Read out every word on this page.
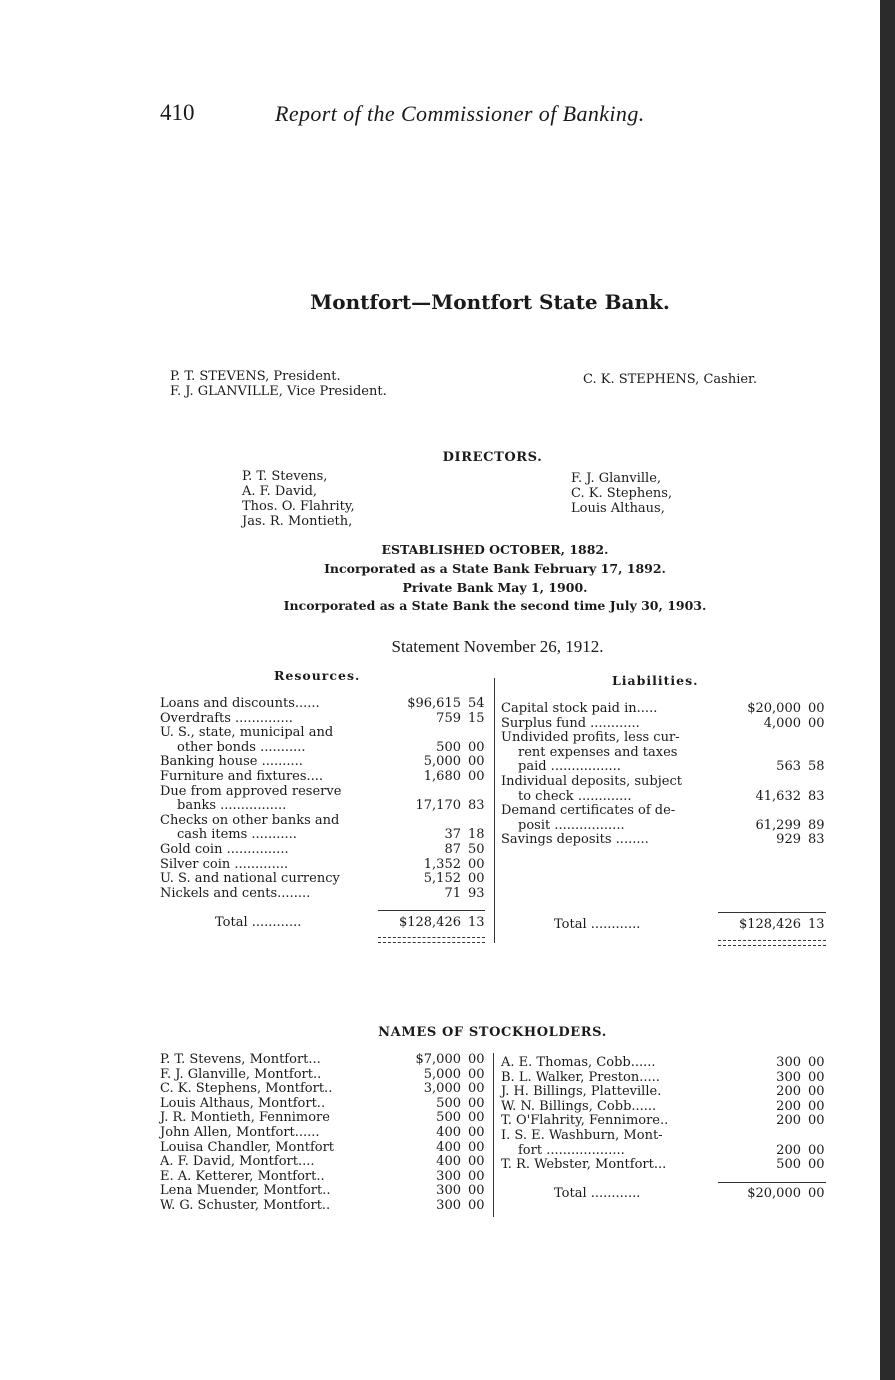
410	Report of the Commissioner of Banking.
Montfort—Montfort State Bank.
P. T. STEVENS, President.
F. J. GLANVILLE, Vice President.
C. K. STEPHENS, Cashier.
DIRECTORS.
P. T. Stevens,
A. F. David,
Thos. O. Flahrity,
Jas. R. Montieth,
F. J. Glanville,
C. K. Stephens,
Louis Althaus,
ESTABLISHED OCTOBER, 1882.
Incorporated as a State Bank February 17, 1892.
Private Bank May 1, 1900.
Incorporated as a State Bank the second time July 30, 1903.
Statement November 26, 1912.
Resources.	Liabilities.
Loans and discounts......	$96,615 54
Overdrafts ..............	759 15
U. S., state, municipal and
other bonds ...........	500 00
Banking house ..........	5,000 00
Furniture and fixtures....	1,680 00
Due from approved reserve
banks ................	17,170 83
Checks on other banks and
cash items ...........	37 18
Gold coin ...............	87 50
Silver coin .............	1,352 00
U. S. and national currency	5,152 00
Nickels and cents........	71 93
Total ............	$128,426 13
Capital stock paid in.....	$20,000 00
Surplus fund ............	4,000 00
Undivided profits, less cur-
rent expenses and taxes
paid .................	563 58
Individual deposits, subject
to check .............	41,632 83
Demand certificates of de-
posit .................	61,299 89
Savings deposits ........	929 83
Total ............	$128,426 13
NAMES OF STOCKHOLDERS.
P. T. Stevens, Montfort...	$7,000 00
F. J. Glanville, Montfort..	5,000 00
C. K. Stephens, Montfort..	3,000 00
Louis Althaus, Montfort..	500 00
J. R. Montieth, Fennimore	500 00
John Allen, Montfort......	400 00
Louisa Chandler, Montfort	400 00
A. F. David, Montfort....	400 00
E. A. Ketterer, Montfort..	300 00
Lena Muender, Montfort..	300 00
W. G. Schuster, Montfort..	300 00
A. E. Thomas, Cobb......	300 00
B. L. Walker, Preston.....	300 00
J. H. Billings, Platteville.	200 00
W. N. Billings, Cobb......	200 00
T. O'Flahrity, Fennimore..	200 00
I. S. E. Washburn, Mont-
fort ...................	200 00
T. R. Webster, Montfort...	500 00
Total ............	$20,000 00
